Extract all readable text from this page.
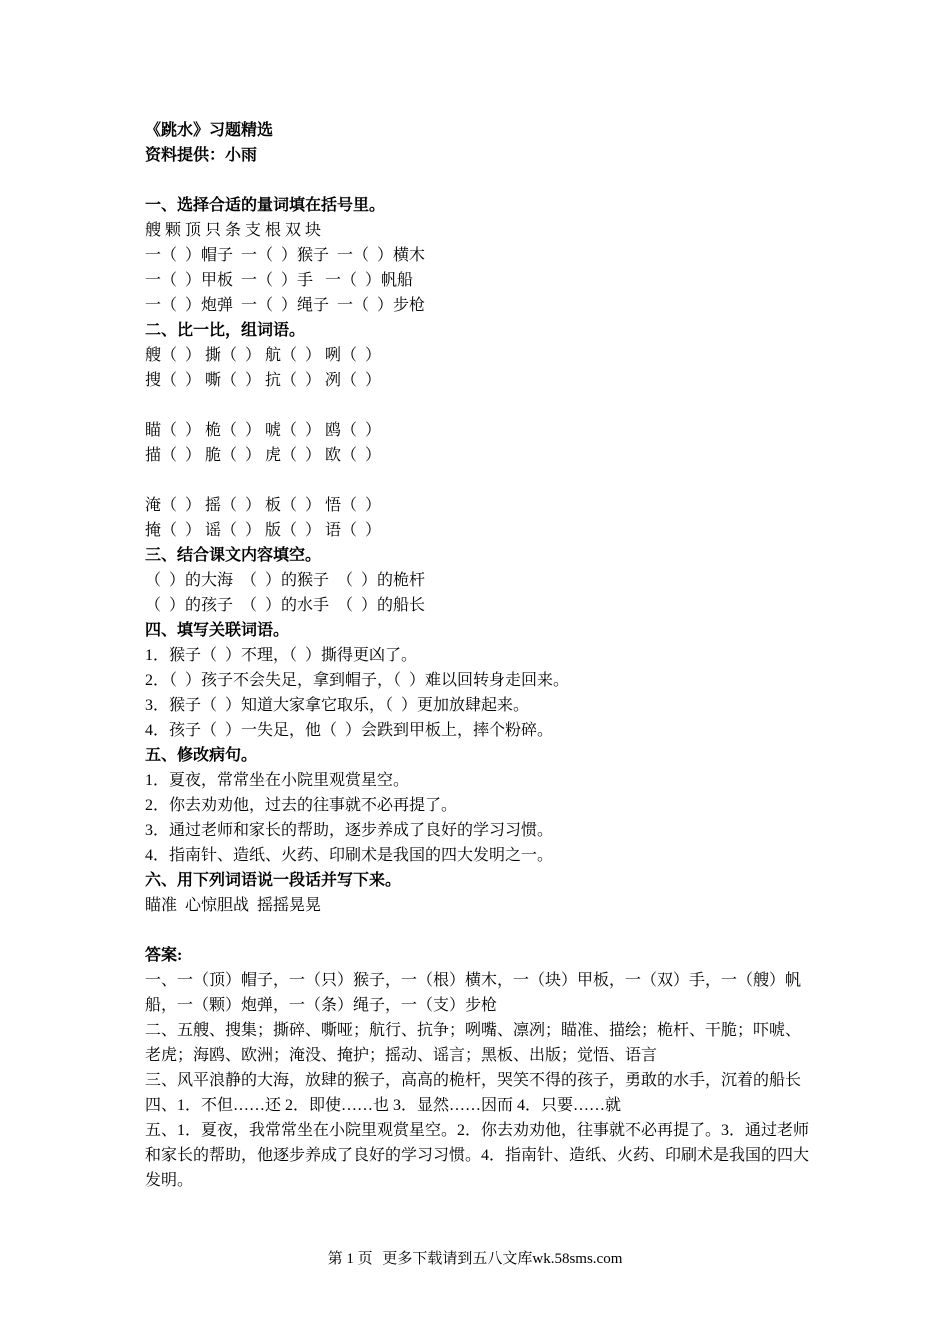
《跳水》习题精选

资料提供：小雨

一、选择合适的量词填在括号里。

艘 颗 顶 只 条 支 根 双 块

一（  ）帽子  一（  ）猴子  一（  ）横木

一（  ）甲板  一（  ）手   一（  ）帆船

一（  ）炮弹  一（  ）绳子  一（  ）步枪

二、比一比，组词语。

艘（  ） 撕（  ） 航（  ） 咧（  ）

搜（  ） 嘶（  ） 抗（  ） 冽（  ）

瞄（  ） 桅（  ） 唬（  ） 鸥（  ）

描（  ） 脆（  ） 虎（  ） 欧（  ）

淹（  ） 摇（  ） 板（  ） 悟（  ）

掩（  ） 谣（  ） 版（  ） 语（  ）

三、结合课文内容填空。

（  ）的大海  （  ）的猴子  （  ）的桅杆

（  ）的孩子  （  ）的水手  （  ）的船长

四、填写关联词语。

1．猴子（  ）不理，（  ）撕得更凶了。

2．（  ）孩子不会失足，拿到帽子，（  ）难以回转身走回来。

3．猴子（  ）知道大家拿它取乐，（  ）更加放肆起来。

4．孩子（  ）一失足，他（  ）会跌到甲板上，摔个粉碎。

五、修改病句。

1．夏夜，常常坐在小院里观赏星空。

2．你去劝劝他，过去的往事就不必再提了。

3．通过老师和家长的帮助，逐步养成了良好的学习习惯。

4．指南针、造纸、火药、印刷术是我国的四大发明之一。

六、用下列词语说一段话并写下来。

瞄准  心惊胆战  摇摇晃晃

答案:

一、一（顶）帽子，一（只）猴子，一（根）横木，一（块）甲板，一（双）手，一（艘）帆船，一（颗）炮弹，一（条）绳子，一（支）步枪

二、五艘、搜集；撕碎、嘶哑；航行、抗争；咧嘴、凛冽；瞄准、描绘；桅杆、干脆；吓唬、老虎；海鸥、欧洲；淹没、掩护；摇动、谣言；黑板、出版；觉悟、语言

三、风平浪静的大海，放肆的猴子，高高的桅杆，哭笑不得的孩子，勇敢的水手，沉着的船长

四、1．不但……还 2．即使……也 3．显然……因而 4．只要……就

五、1．夏夜，我常常坐在小院里观赏星空。2．你去劝劝他，往事就不必再提了。3．通过老师和家长的帮助，他逐步养成了良好的学习习惯。4．指南针、造纸、火药、印刷术是我国的四大发明。

第 1 页 更多下载请到五八文库wk.58sms.com
